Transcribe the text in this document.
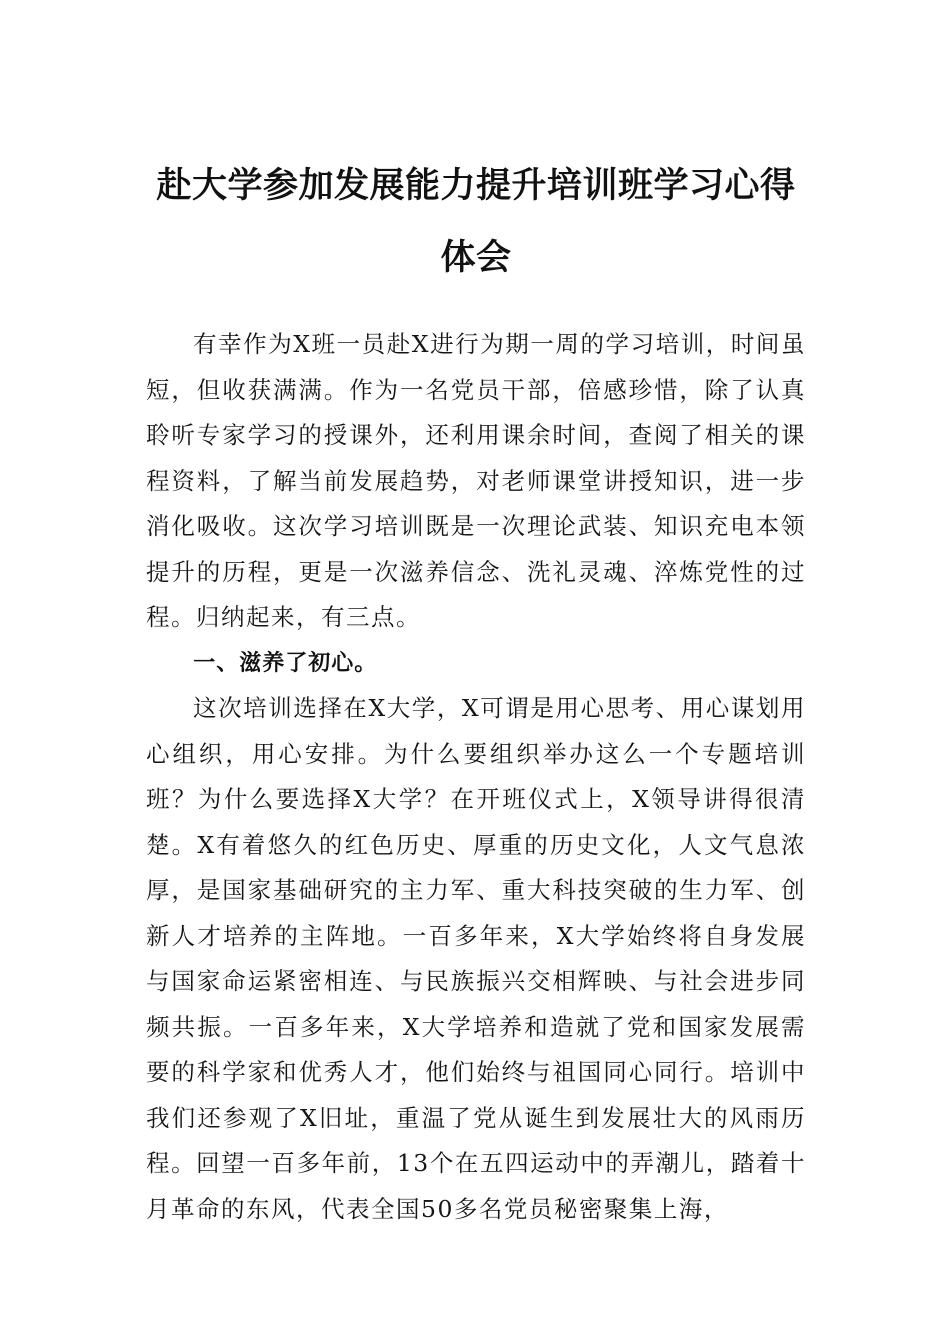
赴大学参加发展能力提升培训班学习心得体会

有幸作为X班一员赴X进行为期一周的学习培训，时间虽短，但收获满满。作为一名党员干部，倍感珍惜，除了认真聆听专家学习的授课外，还利用课余时间，查阅了相关的课程资料，了解当前发展趋势，对老师课堂讲授知识，进一步消化吸收。这次学习培训既是一次理论武装、知识充电本领提升的历程，更是一次滋养信念、洗礼灵魂、淬炼党性的过程。归纳起来，有三点。

一、滋养了初心。

这次培训选择在X大学，X可谓是用心思考、用心谋划用心组织，用心安排。为什么要组织举办这么一个专题培训班？为什么要选择X大学？在开班仪式上，X领导讲得很清楚。X有着悠久的红色历史、厚重的历史文化，人文气息浓厚，是国家基础研究的主力军、重大科技突破的生力军、创新人才培养的主阵地。一百多年来，X大学始终将自身发展与国家命运紧密相连、与民族振兴交相辉映、与社会进步同频共振。一百多年来，X大学培养和造就了党和国家发展需要的科学家和优秀人才，他们始终与祖国同心同行。培训中我们还参观了X旧址，重温了党从诞生到发展壮大的风雨历程。回望一百多年前，13个在五四运动中的弄潮儿，踏着十月革命的东风，代表全国50多名党员秘密聚集上海，
